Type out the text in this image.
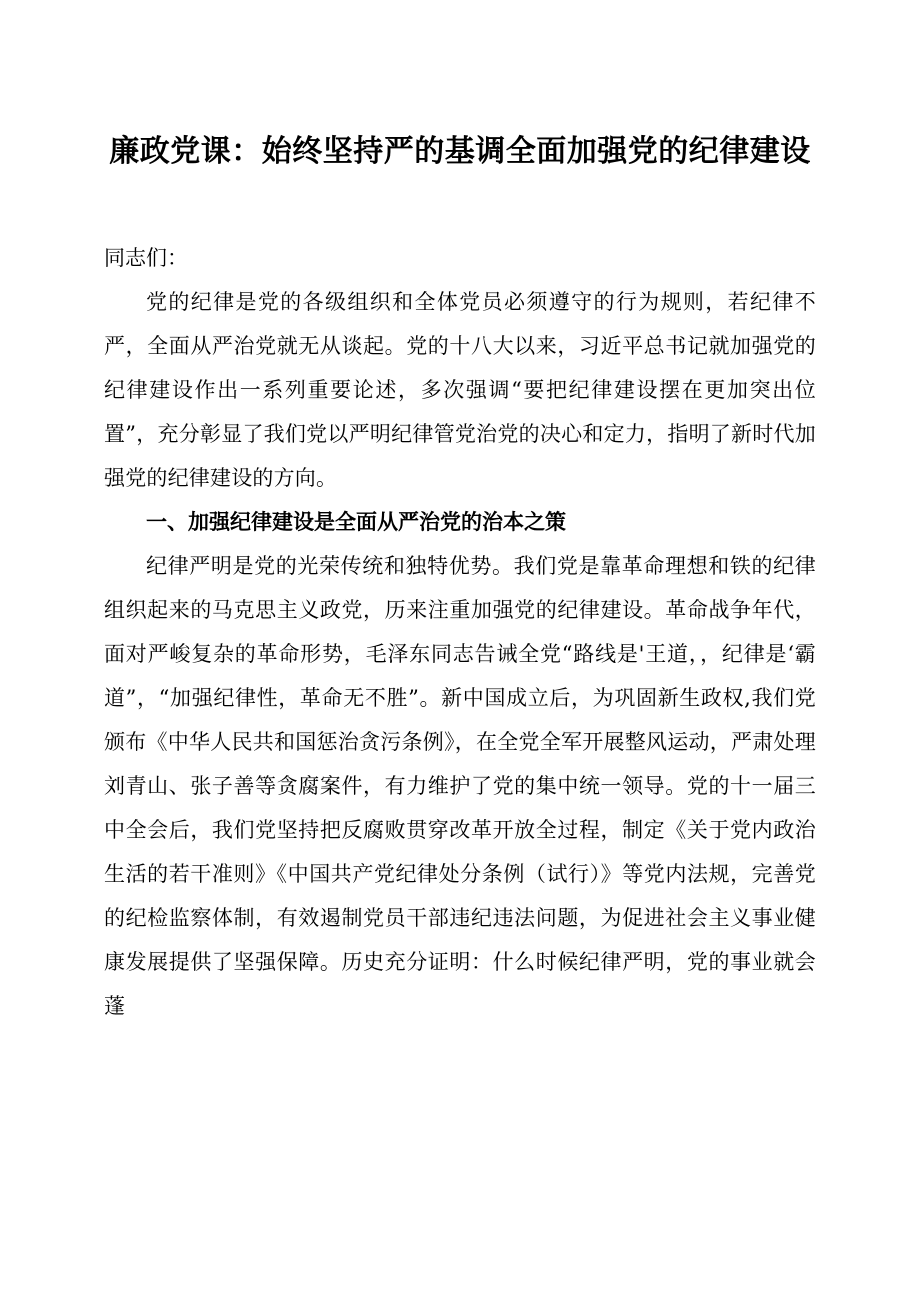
廉政党课：始终坚持严的基调全面加强党的纪律建设
同志们：

党的纪律是党的各级组织和全体党员必须遵守的行为规则，若纪律不严，全面从严治党就无从谈起。党的十八大以来，习近平总书记就加强党的纪律建设作出一系列重要论述，多次强调“要把纪律建设摆在更加突出位置”，充分彰显了我们党以严明纪律管党治党的决心和定力，指明了新时代加强党的纪律建设的方向。

一、加强纪律建设是全面从严治党的治本之策

纪律严明是党的光荣传统和独特优势。我们党是靠革命理想和铁的纪律组织起来的马克思主义政党，历来注重加强党的纪律建设。革命战争年代，面对严峻复杂的革命形势，毛泽东同志告诫全党“路线是'王道，，纪律是‘霸道”，“加强纪律性，革命无不胜”。新中国成立后，为巩固新生政权,我们党颁布《中华人民共和国惩治贪污条例》，在全党全军开展整风运动，严肃处理刘青山、张子善等贪腐案件，有力维护了党的集中统一领导。党的十一届三中全会后，我们党坚持把反腐败贯穿改革开放全过程，制定《关于党内政治生活的若干准则》《中国共产党纪律处分条例（试行）》等党内法规，完善党的纪检监察体制，有效遏制党员干部违纪违法问题，为促进社会主义事业健康发展提供了坚强保障。历史充分证明：什么时候纪律严明，党的事业就会蓬
